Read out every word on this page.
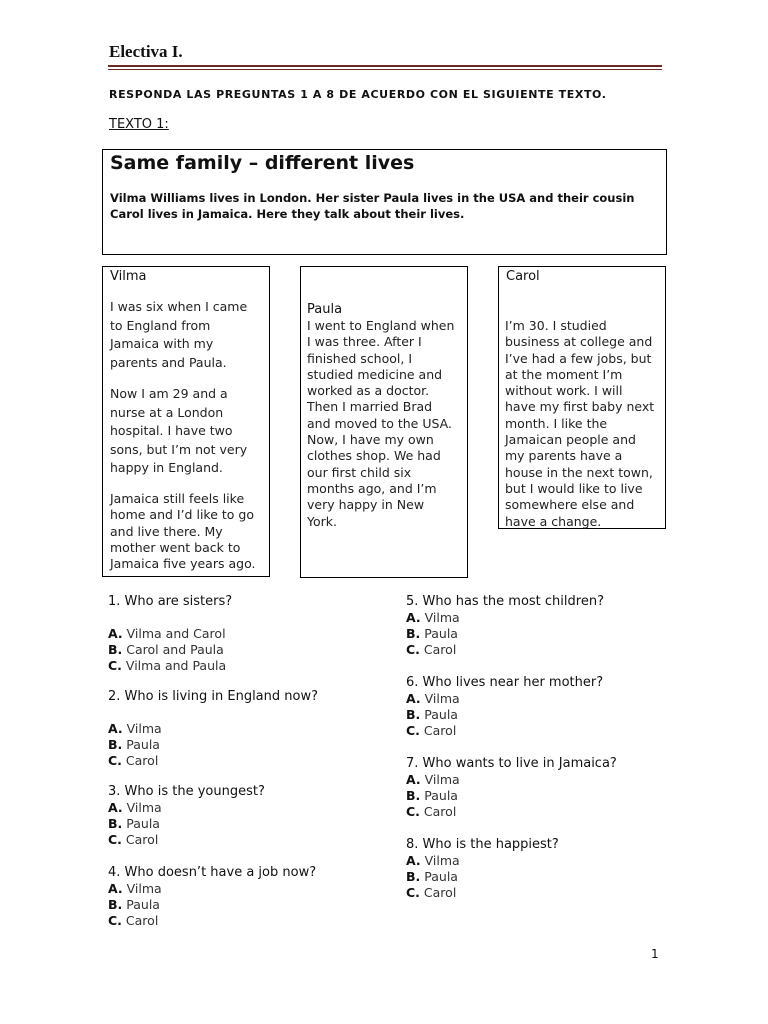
Electiva I.
RESPONDA LAS PREGUNTAS 1 A 8 DE ACUERDO CON EL SIGUIENTE TEXTO.
TEXTO 1:
Same family – different lives
Vilma Williams lives in London. Her sister Paula lives in the USA and their cousin
Carol lives in Jamaica. Here they talk about their lives.
Vilma
I was six when I came
to England from
Jamaica with my
parents and Paula.
Now I am 29 and a
nurse at a London
hospital. I have two
sons, but I’m not very
happy in England.
Jamaica still feels like
home and I’d like to go
and live there. My
mother went back to
Jamaica five years ago.
Paula
I went to England when
I was three. After I
finished school, I
studied medicine and
worked as a doctor.
Then I married Brad
and moved to the USA.
Now, I have my own
clothes shop. We had
our first child six
months ago, and I’m
very happy in New
York.
Carol
I’m 30. I studied
business at college and
I’ve had a few jobs, but
at the moment I’m
without work. I will
have my first baby next
month. I like the
Jamaican people and
my parents have a
house in the next town,
but I would like to live
somewhere else and
have a change.
1. Who are sisters?
A. Vilma and Carol
B. Carol and Paula
C. Vilma and Paula
2. Who is living in England now?
A. Vilma
B. Paula
C. Carol
3. Who is the youngest?
A. Vilma
B. Paula
C. Carol
4. Who doesn’t have a job now?
A. Vilma
B. Paula
C. Carol
5. Who has the most children?
A. Vilma
B. Paula
C. Carol
6. Who lives near her mother?
A. Vilma
B. Paula
C. Carol
7. Who wants to live in Jamaica?
A. Vilma
B. Paula
C. Carol
8. Who is the happiest?
A. Vilma
B. Paula
C. Carol
1
